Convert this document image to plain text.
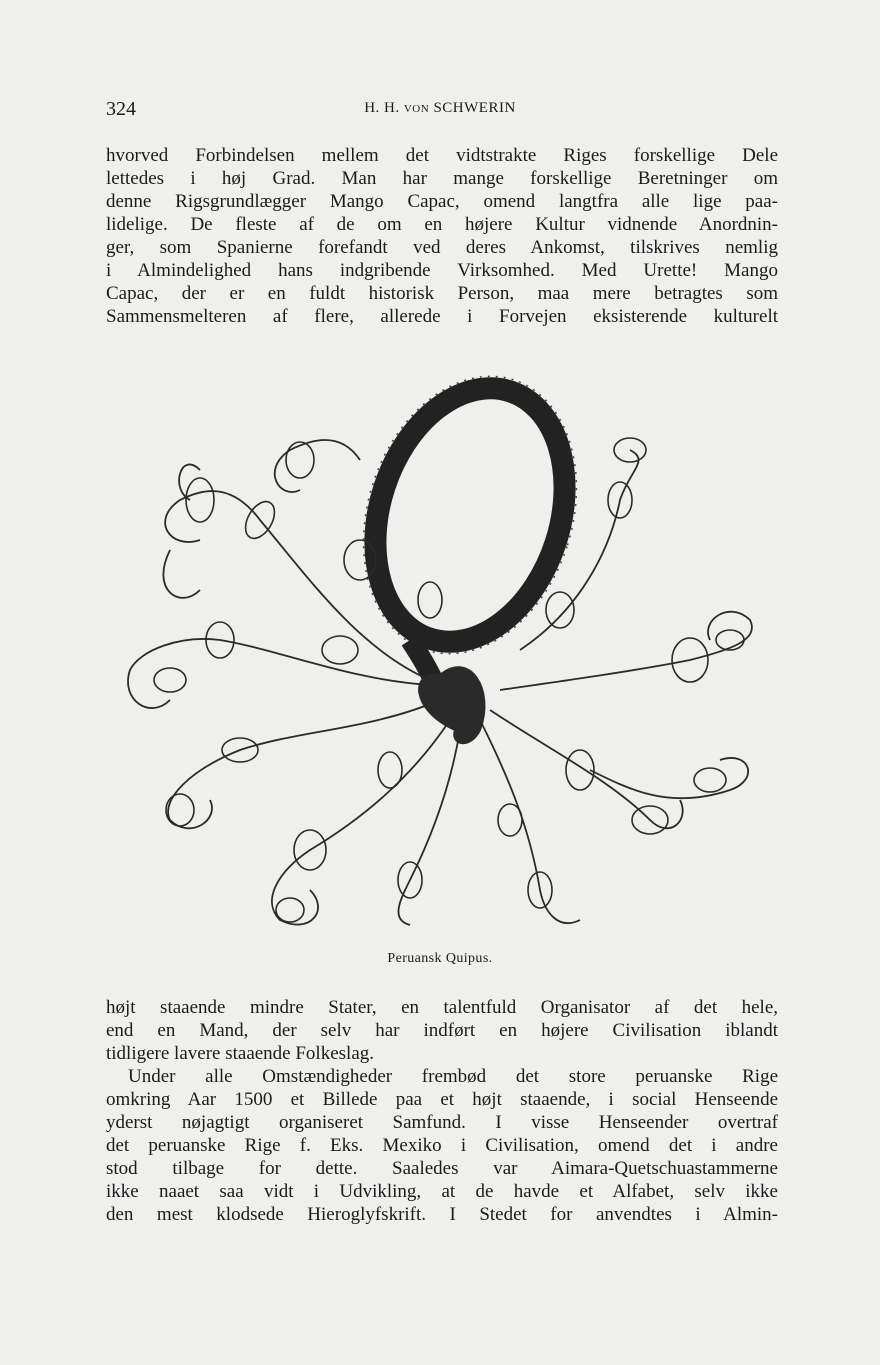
324	H. H. VON SCHWERIN
hvorved Forbindelsen mellem det vidtstrakte Riges forskellige Dele
lettedes i høj Grad. Man har mange forskellige Beretninger om
denne Rigsgrundlægger Mango Capac, omend langtfra alle lige paa-
lidelige. De fleste af de om en højere Kultur vidnende Anordnin-
ger, som Spanierne forefandt ved deres Ankomst, tilskrives nemlig
i Almindelighed hans indgribende Virksomhed. Med Urette! Mango
Capac, der er en fuldt historisk Person, maa mere betragtes som
Sammensmelteren af flere, allerede i Forvejen eksisterende kulturelt
Peruansk Quipus.
højt staaende mindre Stater, en talentfuld Organisator af det hele,
end en Mand, der selv har indført en højere Civilisation iblandt
tidligere lavere staaende Folkeslag.
Under alle Omstændigheder frembød det store peruanske Rige
omkring Aar 1500 et Billede paa et højt staaende, i social Henseende
yderst nøjagtigt organiseret Samfund. I visse Henseender overtraf
det peruanske Rige f. Eks. Mexiko i Civilisation, omend det i andre
stod tilbage for dette. Saaledes var Aimara-Quetschuastammerne
ikke naaet saa vidt i Udvikling, at de havde et Alfabet, selv ikke
den mest klodsede Hieroglyfskrift. I Stedet for anvendtes i Almin-
